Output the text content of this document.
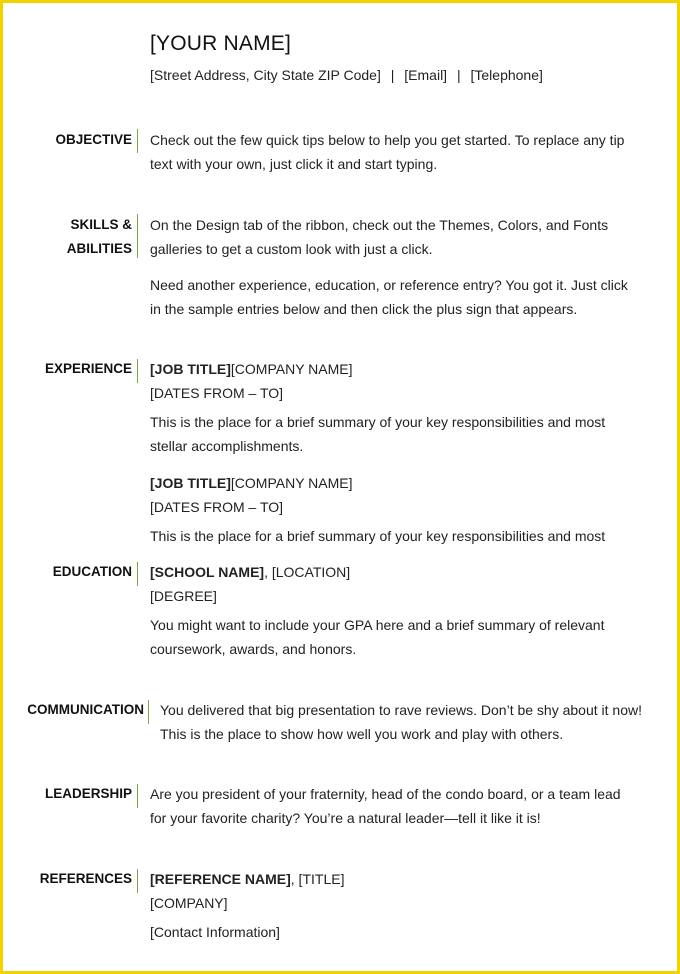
[YOUR NAME]
[Street Address, City State ZIP Code] | [Email] | [Telephone]
OBJECTIVE Check out the few quick tips below to help you get started. To replace any tip

text with your own, just click it and start typing.

SKILLS &
ABILITIES

On the Design tab of the ribbon, check out the Themes, Colors, and Fonts

galleries to get a custom look with just a click.

Need another experience, education, or reference entry? You got it. Just click

in the sample entries below and then click the plus sign that appears.

EXPERIENCE [JOB TITLE][COMPANY NAME]

[DATES FROM – TO]

This is the place for a brief summary of your key responsibilities and most

stellar accomplishments.

[JOB TITLE][COMPANY NAME]

[DATES FROM – TO]

This is the place for a brief summary of your key responsibilities and most

EDUCATION [SCHOOL NAME], [LOCATION]

[DEGREE]

You might want to include your GPA here and a brief summary of relevant

coursework, awards, and honors.

COMMUNICATION You delivered that big presentation to rave reviews. Don’t be shy about it now!

This is the place to show how well you work and play with others.

LEADERSHIP Are you president of your fraternity, head of the condo board, or a team lead

for your favorite charity? You’re a natural leader—tell it like it is!

REFERENCES [REFERENCE NAME], [TITLE]

[COMPANY]

[Contact Information]
